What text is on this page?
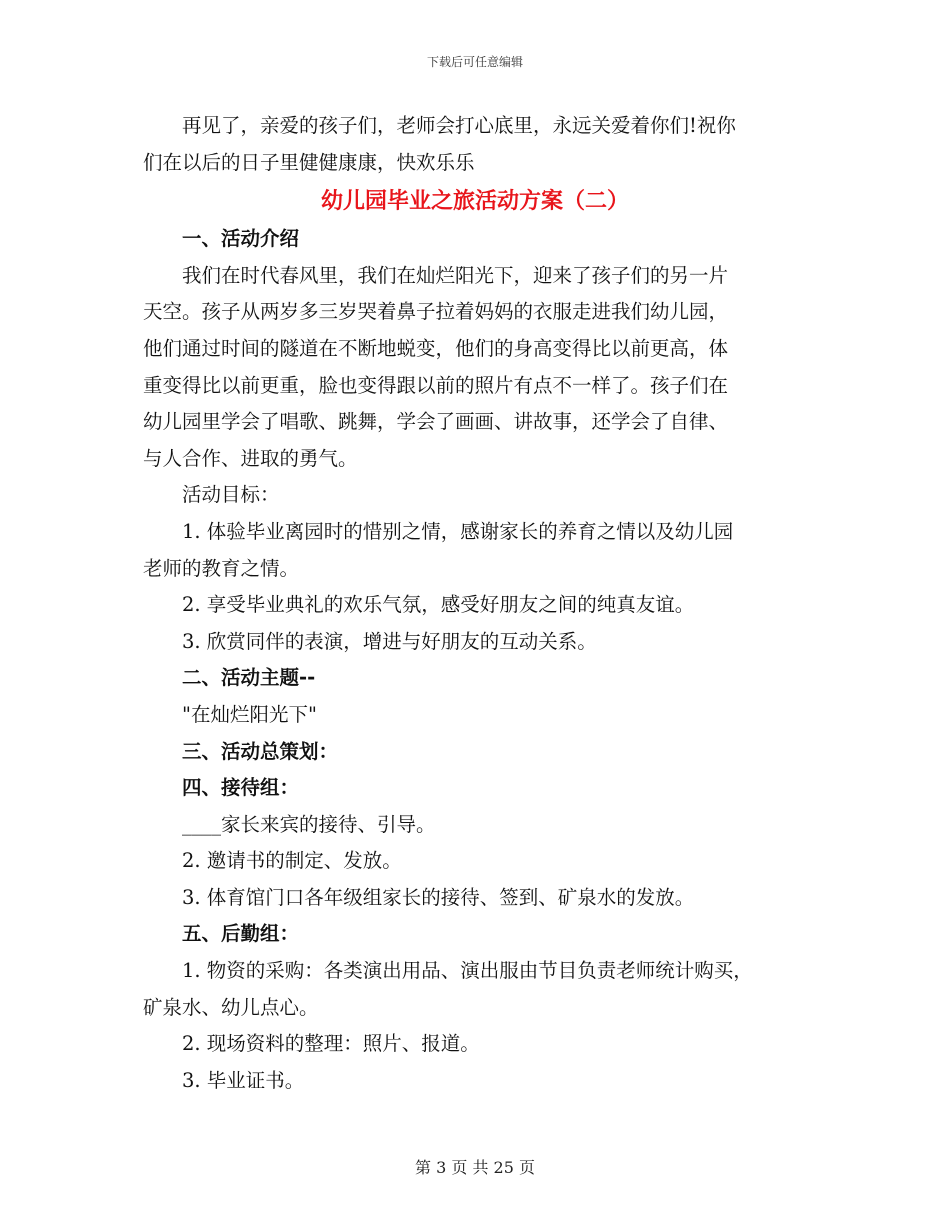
下载后可任意编辑

再见了，亲爱的孩子们，老师会打心底里，永远关爱着你们!祝你

们在以后的日子里健健康康，快欢乐乐

幼儿园毕业之旅活动方案（二）

一、活动介绍

我们在时代春风里，我们在灿烂阳光下，迎来了孩子们的另一片

天空。孩子从两岁多三岁哭着鼻子拉着妈妈的衣服走进我们幼儿园，

他们通过时间的隧道在不断地蜕变，他们的身高变得比以前更高，体

重变得比以前更重，脸也变得跟以前的照片有点不一样了。孩子们在

幼儿园里学会了唱歌、跳舞，学会了画画、讲故事，还学会了自律、

与人合作、进取的勇气。

活动目标：

1. 体验毕业离园时的惜别之情，感谢家长的养育之情以及幼儿园

老师的教育之情。

2. 享受毕业典礼的欢乐气氛，感受好朋友之间的纯真友谊。

3. 欣赏同伴的表演，增进与好朋友的互动关系。

二、活动主题--

"在灿烂阳光下"

三、活动总策划：

四、接待组：

____家长来宾的接待、引导。

2. 邀请书的制定、发放。

3. 体育馆门口各年级组家长的接待、签到、矿泉水的发放。

五、后勤组：

1. 物资的采购：各类演出用品、演出服由节目负责老师统计购买，

矿泉水、幼儿点心。

2. 现场资料的整理：照片、报道。

3. 毕业证书。

第 3 页 共 25 页
